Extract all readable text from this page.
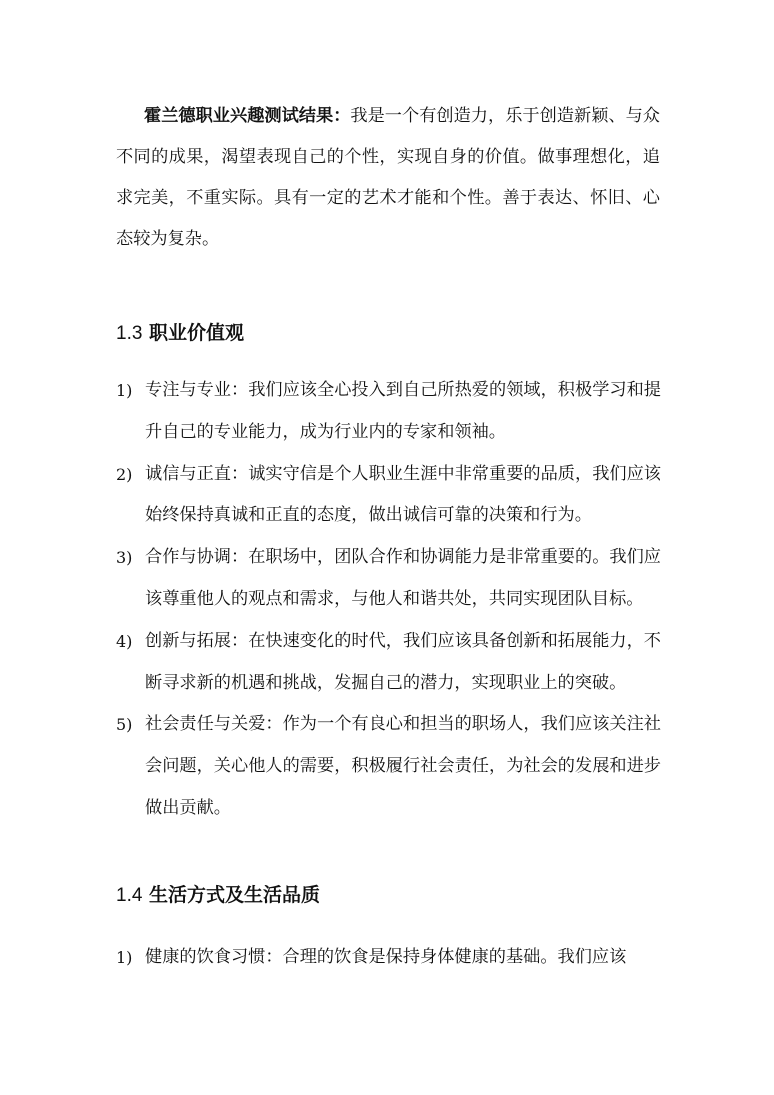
霍兰德职业兴趣测试结果：我是一个有创造力，乐于创造新颖、与众不同的成果，渴望表现自己的个性，实现自身的价值。做事理想化，追求完美，不重实际。具有一定的艺术才能和个性。善于表达、怀旧、心态较为复杂。

1.3 职业价值观
1) 专注与专业：我们应该全心投入到自己所热爱的领域，积极学习和提升自己的专业能力，成为行业内的专家和领袖。
2) 诚信与正直：诚实守信是个人职业生涯中非常重要的品质，我们应该始终保持真诚和正直的态度，做出诚信可靠的决策和行为。
3) 合作与协调：在职场中，团队合作和协调能力是非常重要的。我们应该尊重他人的观点和需求，与他人和谐共处，共同实现团队目标。
4) 创新与拓展：在快速变化的时代，我们应该具备创新和拓展能力，不断寻求新的机遇和挑战，发掘自己的潜力，实现职业上的突破。
5) 社会责任与关爱：作为一个有良心和担当的职场人，我们应该关注社会问题，关心他人的需要，积极履行社会责任，为社会的发展和进步做出贡献。
1.4 生活方式及生活品质
1) 健康的饮食习惯：合理的饮食是保持身体健康的基础。我们应该
